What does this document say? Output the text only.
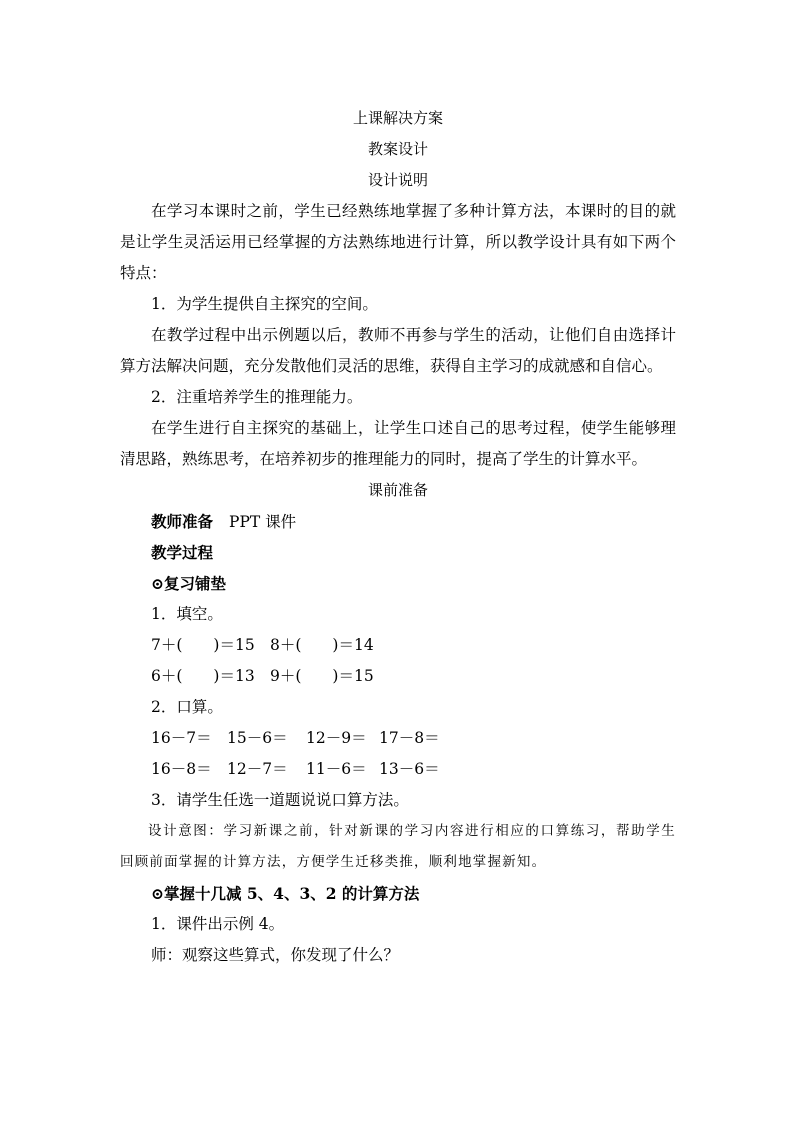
上课解决方案
教案设计
设计说明

在学习本课时之前，学生已经熟练地掌握了多种计算方法，本课时的目的就是让学生灵活运用已经掌握的方法熟练地进行计算，所以教学设计具有如下两个特点：

1．为学生提供自主探究的空间。

在教学过程中出示例题以后，教师不再参与学生的活动，让他们自由选择计算方法解决问题，充分发散他们灵活的思维，获得自主学习的成就感和自信心。

2．注重培养学生的推理能力。

在学生进行自主探究的基础上，让学生口述自己的思考过程，使学生能够理清思路，熟练思考，在培养初步的推理能力的同时，提高了学生的计算水平。

课前准备
教师准备 PPT 课件
教学过程
⊙复习铺垫
1．填空。
7＋(　　)＝15 8＋(　　)＝14
6＋(　　)＝13 9＋(　　)＝15
2．口算。
16－7＝ 15－6＝ 12－9＝ 17－8＝
16－8＝ 12－7＝ 11－6＝ 13－6＝
3．请学生任选一道题说说口算方法。

设计意图：学习新课之前，针对新课的学习内容进行相应的口算练习，帮助学生回顾前面掌握的计算方法，方便学生迁移类推，顺利地掌握新知。

⊙掌握十几减 5、4、3、2 的计算方法
1．课件出示例 4。
师：观察这些算式，你发现了什么？
